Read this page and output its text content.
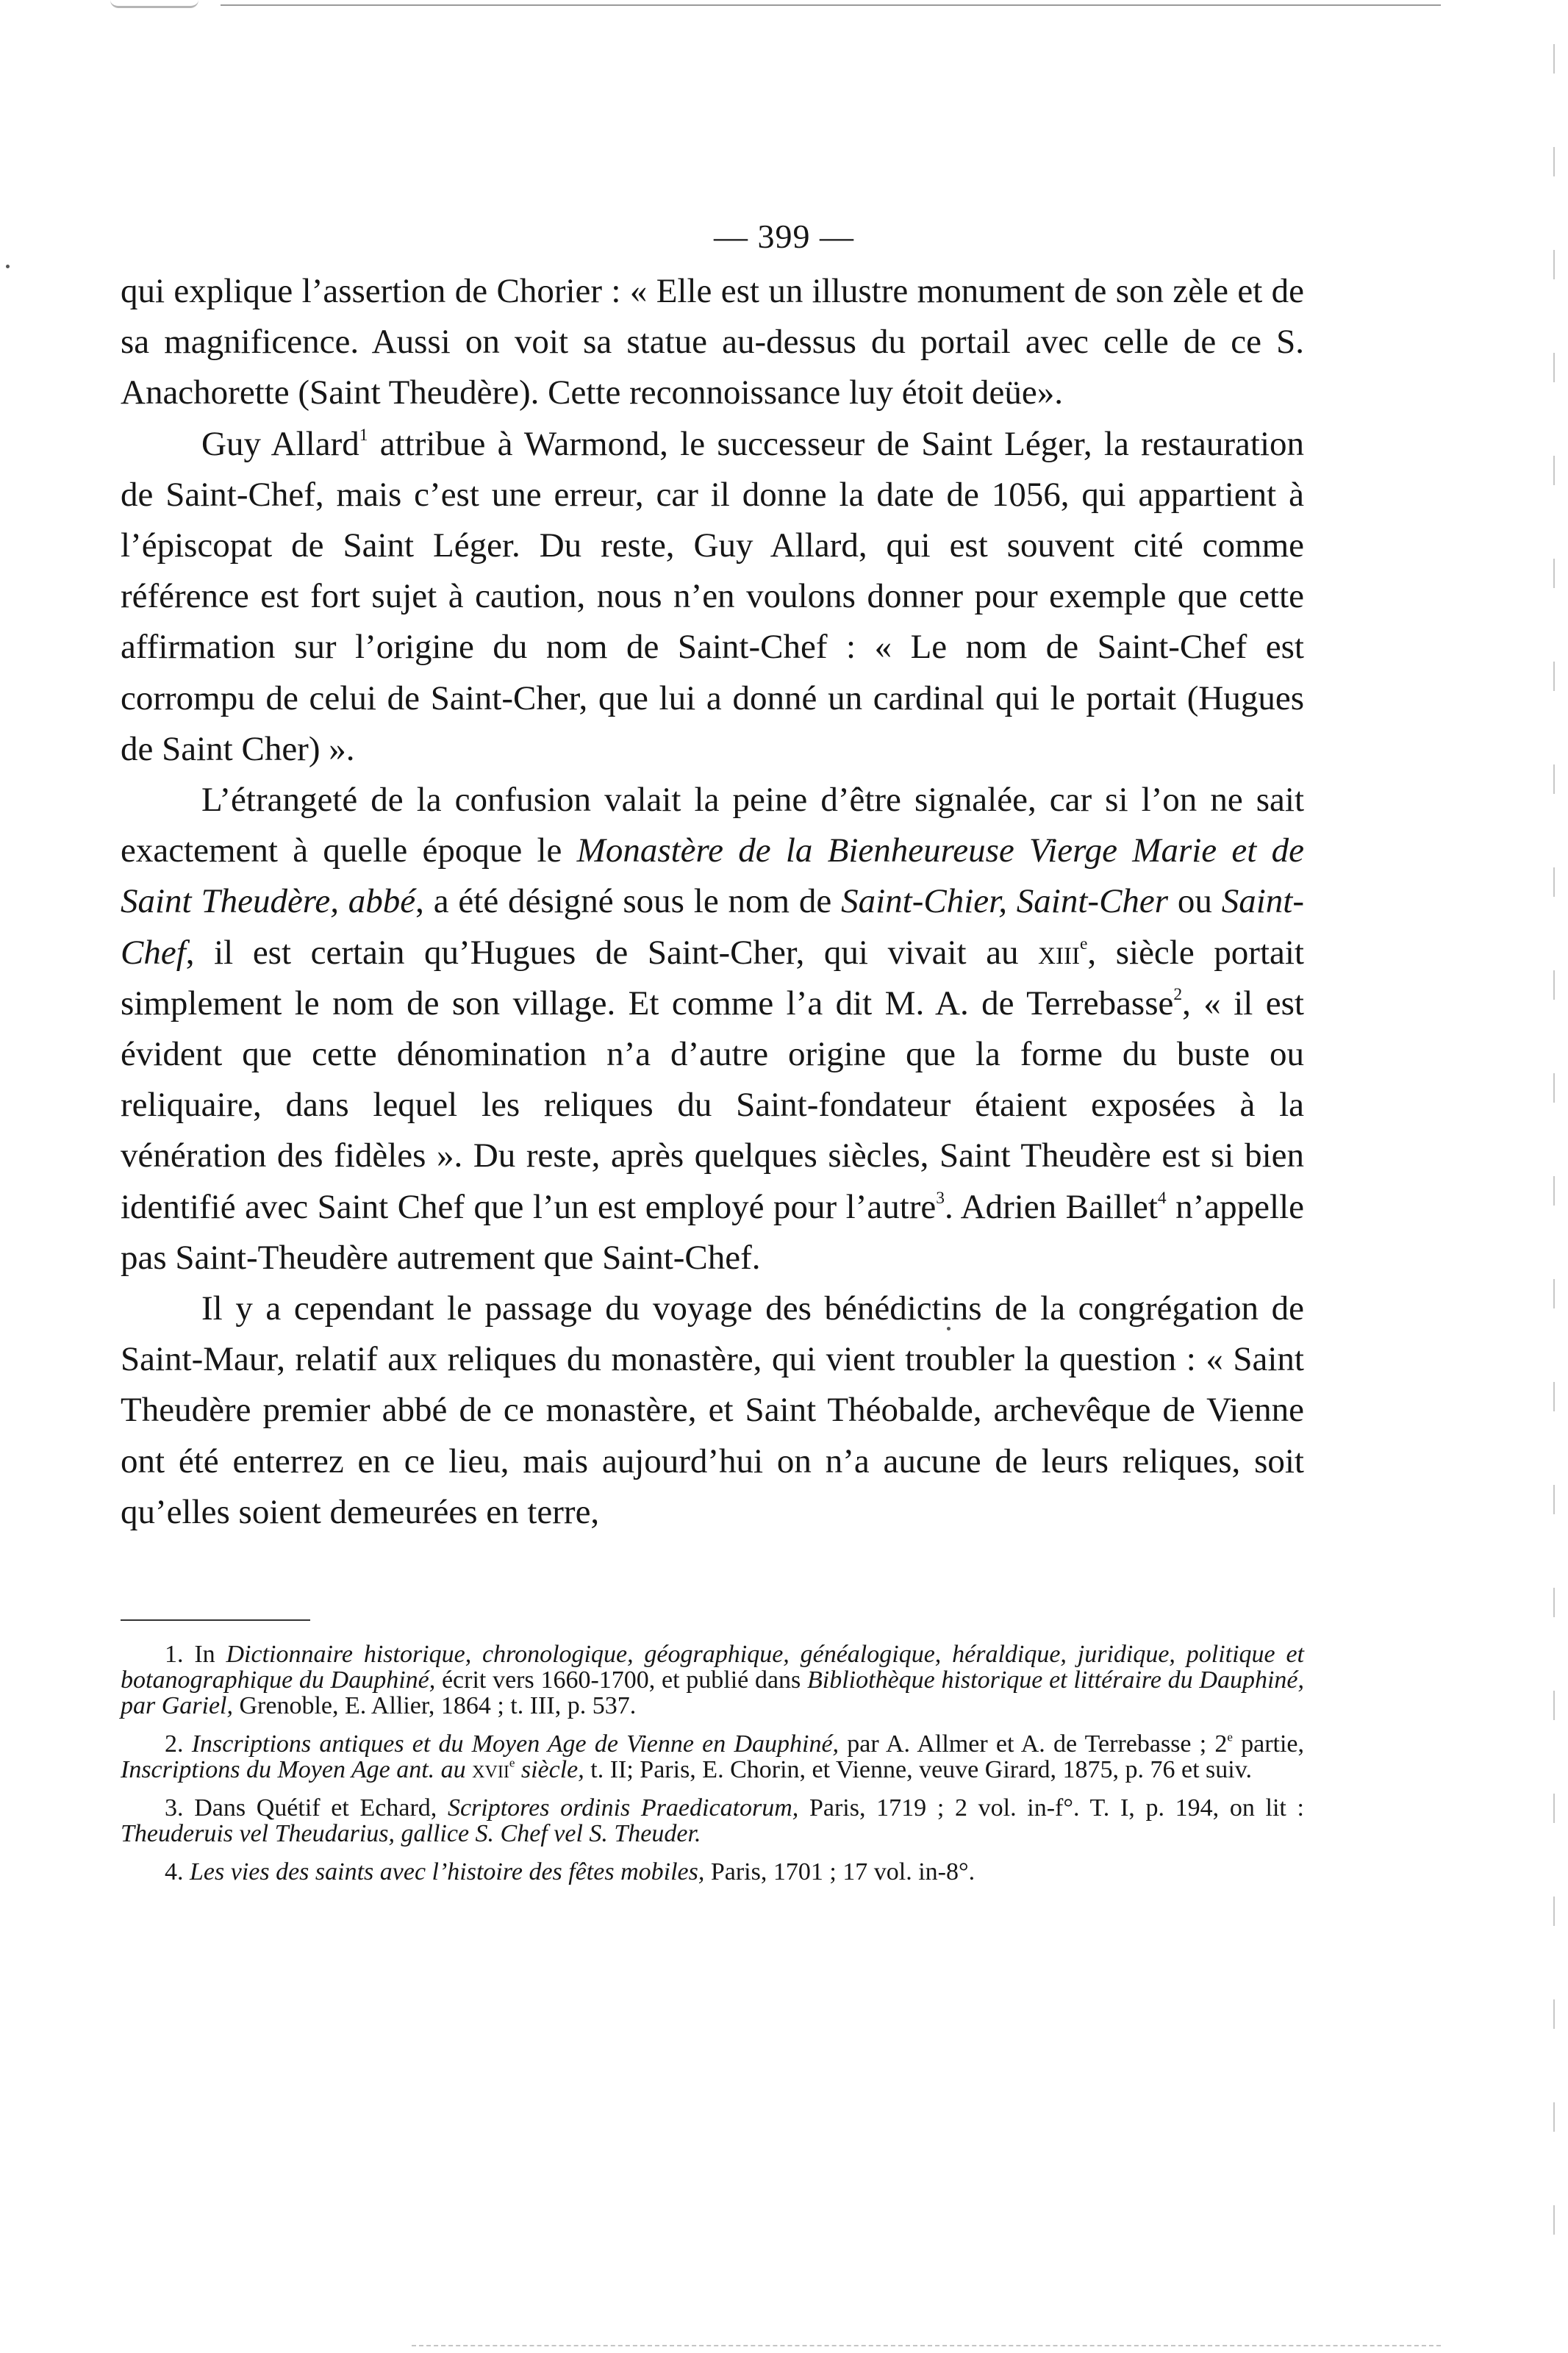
— 399 —

qui explique l’assertion de Chorier : « Elle est un illustre monument de son zèle et de sa magnificence. Aussi on voit sa statue au-dessus du portail avec celle de ce S. Anachorette (Saint Theudère). Cette reconnoissance luy étoit deüe».

Guy Allard$^1$ attribue à Warmond, le successeur de Saint Léger, la restauration de Saint-Chef, mais c’est une erreur, car il donne la date de 1056, qui appartient à l’épiscopat de Saint Léger. Du reste, Guy Allard, qui est souvent cité comme référence est fort sujet à caution, nous n’en voulons donner pour exemple que cette affirmation sur l’origine du nom de Saint-Chef : « Le nom de Saint-Chef est corrompu de celui de Saint-Cher, que lui a donné un cardinal qui le portait (Hugues de Saint Cher) ».

L’étrangeté de la confusion valait la peine d’être signalée, car si l’on ne sait exactement à quelle époque le Monastère de la Bienheureuse Vierge Marie et de Saint Theudère, abbé, a été désigné sous le nom de Saint-Chier, Saint-Cher ou Saint-Chef, il est certain qu’Hugues de Saint-Cher, qui vivait au xiii$^e$, siècle portait simplement le nom de son village. Et comme l’a dit M. A. de Terrebasse$^2$, « il est évident que cette dénomination n’a d’autre origine que la forme du buste ou reliquaire, dans lequel les reliques du Saint-fondateur étaient exposées à la vénération des fidèles ». Du reste, après quelques siècles, Saint Theudère est si bien identifié avec Saint Chef que l’un est employé pour l’autre$^3$. Adrien Baillet$^4$ n’appelle pas Saint-Theudère autrement que Saint-Chef.

Il y a cependant le passage du voyage des bénédictins de la congrégation de Saint-Maur, relatif aux reliques du monastère, qui vient troubler la question : « Saint Theudère premier abbé de ce monastère, et Saint Théobalde, archevêque de Vienne ont été enterrez en ce lieu, mais aujourd’hui on n’a aucune de leurs reliques, soit qu’elles soient demeurées en terre,

1. In Dictionnaire historique, chronologique, géographique, généalogique, héraldique, juridique, politique et botanographique du Dauphiné, écrit vers 1660-1700, et publié dans Bibliothèque historique et littéraire du Dauphiné, par Gariel, Grenoble, E. Allier, 1864 ; t. III, p. 537.

2. Inscriptions antiques et du Moyen Age de Vienne en Dauphiné, par A. Allmer et A. de Terrebasse ; 2e partie, Inscriptions du Moyen Age ant. au xvii$^e$ siècle, t. II; Paris, E. Chorin, et Vienne, veuve Girard, 1875, p. 76 et suiv.

3. Dans Quétif et Echard, Scriptores ordinis Praedicatorum, Paris, 1719 ; 2 vol. in-f°. T. I, p. 194, on lit : Theuderuis vel Theudarius, gallice S. Chef vel S. Theuder.

4. Les vies des saints avec l’histoire des fêtes mobiles, Paris, 1701 ; 17 vol. in-8°.
